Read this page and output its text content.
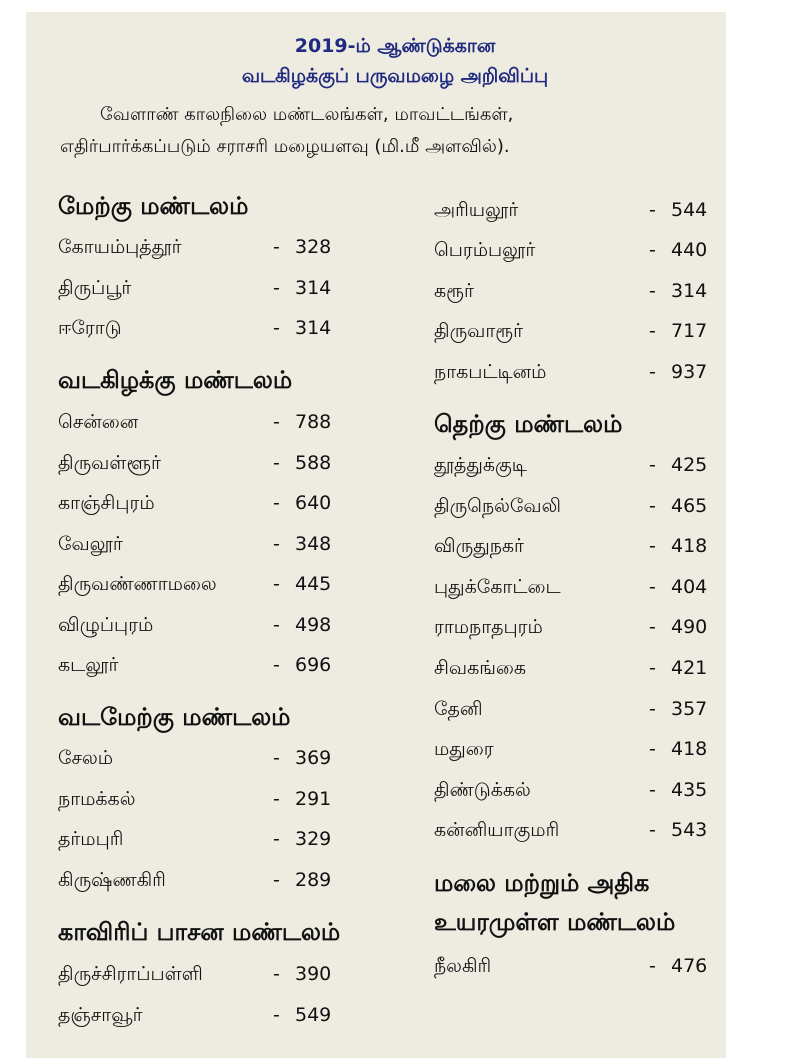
2019-ம் ஆண்டுக்கான
வடகிழக்குப் பருவமழை அறிவிப்பு
வேளாண் காலநிலை மண்டலங்கள், மாவட்டங்கள்,
எதிர்பார்க்கப்படும் சராசரி மழையளவு (மி.மீ அளவில்).
மேற்கு மண்டலம்
கோயம்புத்தூர்	- 328
திருப்பூர்	- 314
ஈரோடு	- 314
வடகிழக்கு மண்டலம்
சென்னை	- 788
திருவள்ளூர்	- 588
காஞ்சிபுரம்	- 640
வேலூர்	- 348
திருவண்ணாமலை	- 445
விழுப்புரம்	- 498
கடலூர்	- 696
வடமேற்கு மண்டலம்
சேலம்	- 369
நாமக்கல்	- 291
தர்மபுரி	- 329
கிருஷ்ணகிரி	- 289
காவிரிப் பாசன மண்டலம்
திருச்சிராப்பள்ளி	- 390
தஞ்சாவூர்	- 549
அரியலூர்	- 544
பெரம்பலூர்	- 440
கரூர்	- 314
திருவாரூர்	- 717
நாகபட்டினம்	- 937
தெற்கு மண்டலம்
தூத்துக்குடி	- 425
திருநெல்வேலி	- 465
விருதுநகர்	- 418
புதுக்கோட்டை	- 404
ராமநாதபுரம்	- 490
சிவகங்கை	- 421
தேனி	- 357
மதுரை	- 418
திண்டுக்கல்	- 435
கன்னியாகுமரி	- 543
மலை மற்றும் அதிக
உயரமுள்ள மண்டலம்
நீலகிரி	- 476
